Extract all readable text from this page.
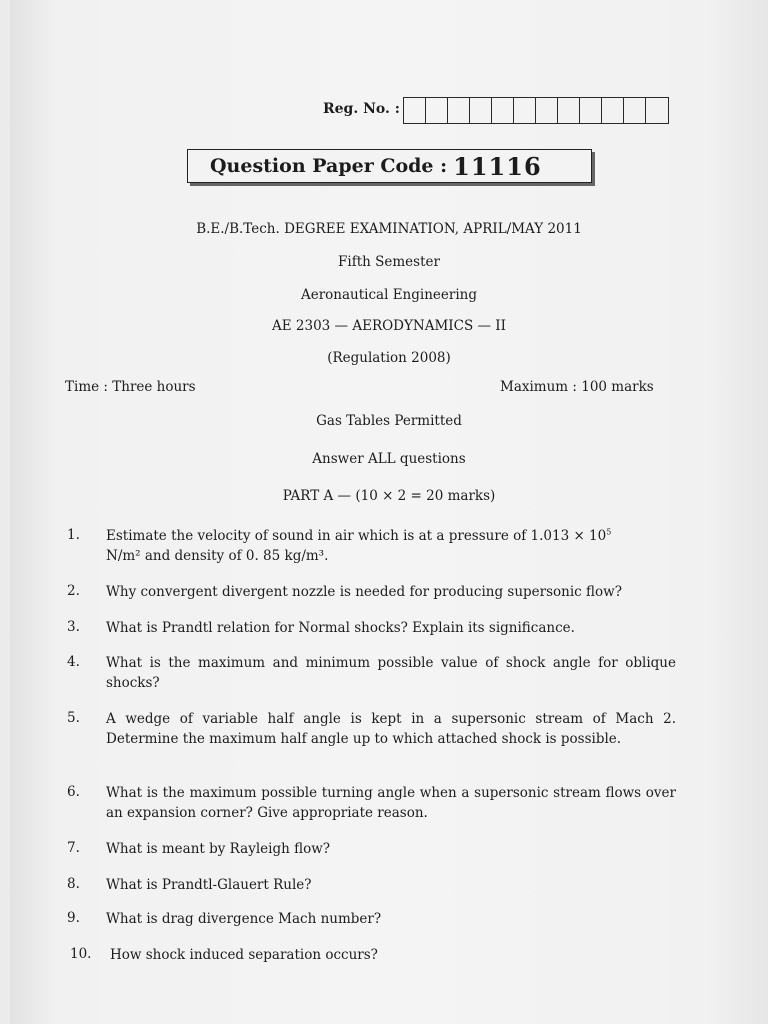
Reg. No. :
Question Paper Code : 11116
B.E./B.Tech. DEGREE EXAMINATION, APRIL/MAY 2011
Fifth Semester
Aeronautical Engineering
AE 2303 — AERODYNAMICS — II
(Regulation 2008)
Time : Three hours	Maximum : 100 marks
Gas Tables Permitted
Answer ALL questions
PART A — (10 × 2 = 20 marks)
1.	Estimate the velocity of sound in air which is at a pressure of $1.013 \times 10^5$
N/m² and density of 0. 85 kg/m³.
2.	Why convergent divergent nozzle is needed for producing supersonic flow?
3.	What is Prandtl relation for Normal shocks? Explain its significance.
4.	What is the maximum and minimum possible value of shock angle for oblique shocks?
5.	A wedge of variable half angle is kept in a supersonic stream of Mach 2. Determine the maximum half angle up to which attached shock is possible.
6.	What is the maximum possible turning angle when a supersonic stream flows over an expansion corner? Give appropriate reason.
7.	What is meant by Rayleigh flow?
8.	What is Prandtl-Glauert Rule?
9.	What is drag divergence Mach number?
10.	How shock induced separation occurs?
